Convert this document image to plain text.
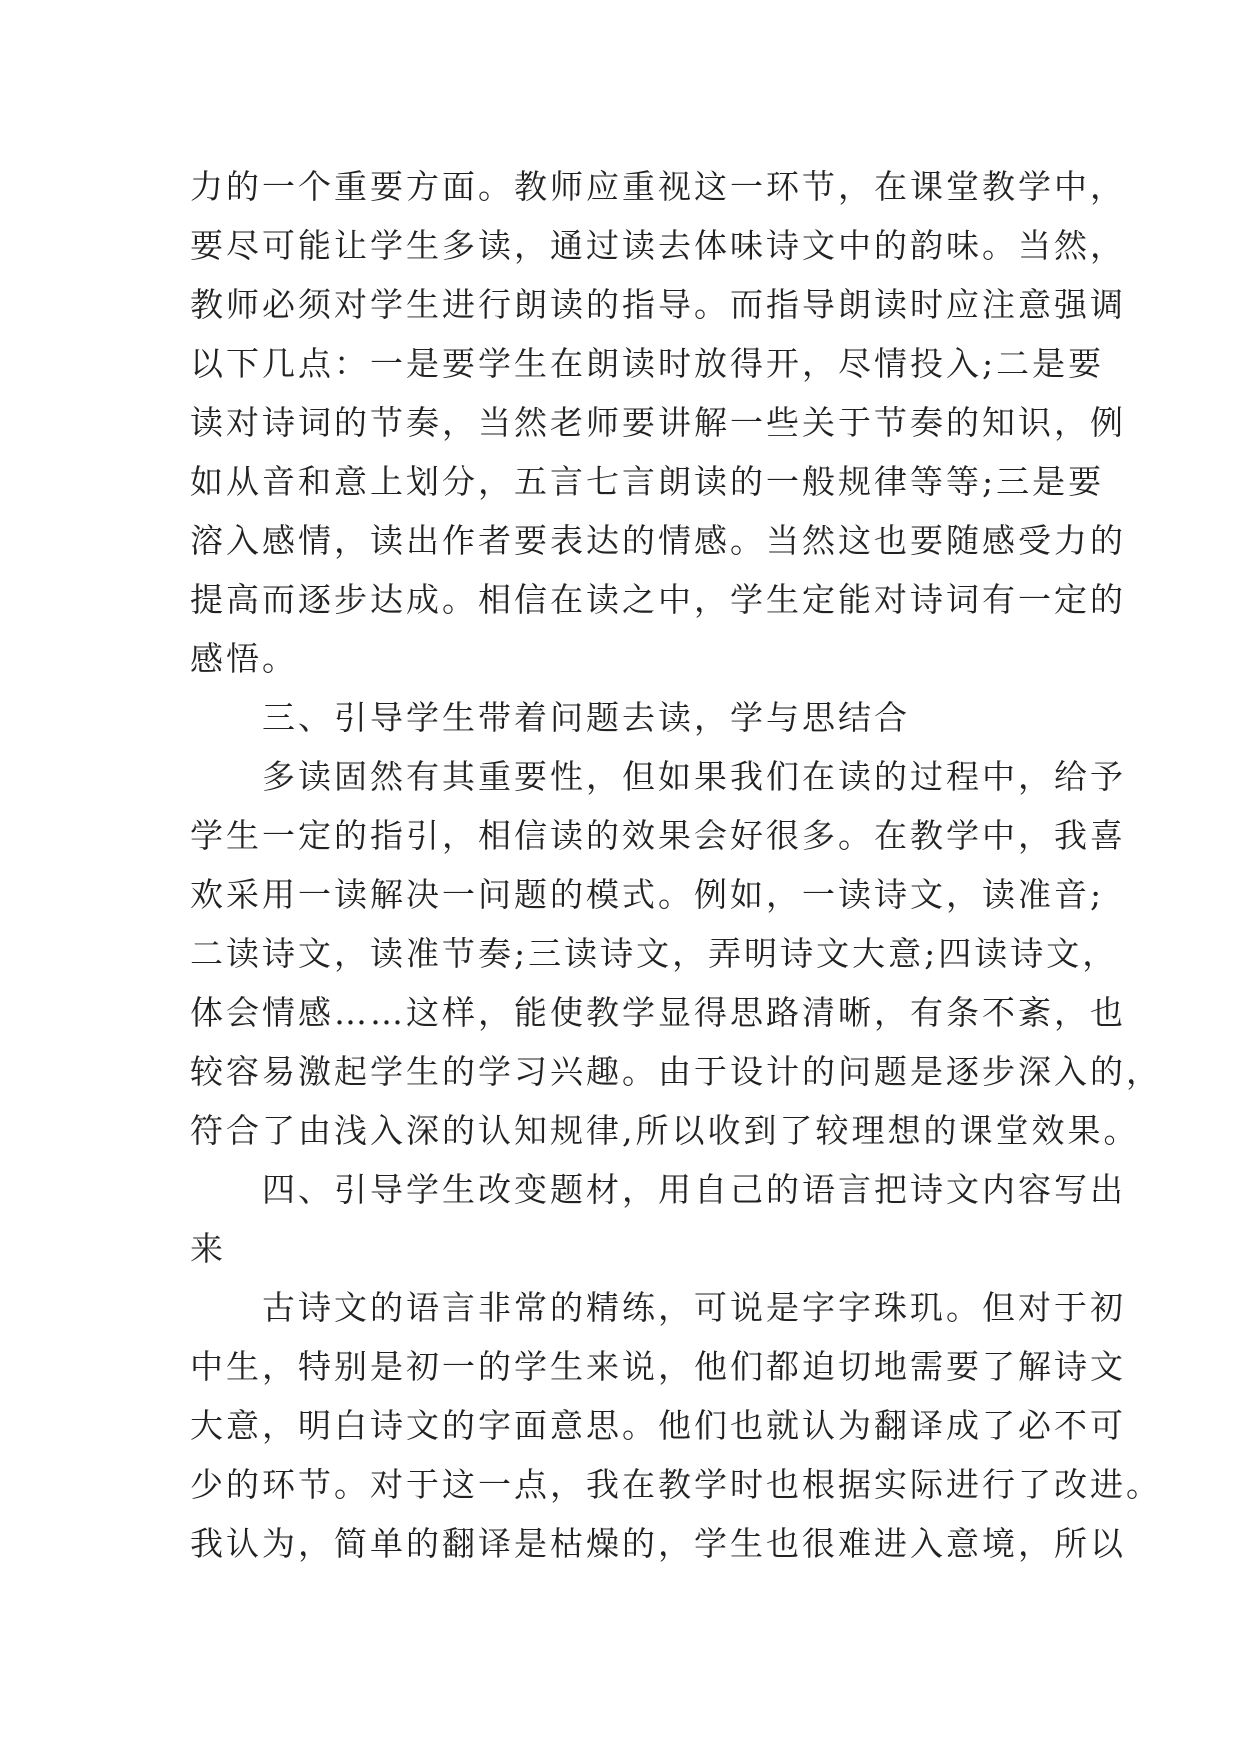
力的一个重要方面。教师应重视这一环节，在课堂教学中，
要尽可能让学生多读，通过读去体味诗文中的韵味。当然，
教师必须对学生进行朗读的指导。而指导朗读时应注意强调
以下几点：一是要学生在朗读时放得开，尽情投入;二是要
读对诗词的节奏，当然老师要讲解一些关于节奏的知识，例
如从音和意上划分，五言七言朗读的一般规律等等;三是要
溶入感情，读出作者要表达的情感。当然这也要随感受力的
提高而逐步达成。相信在读之中，学生定能对诗词有一定的
感悟。
　　三、引导学生带着问题去读，学与思结合
　　多读固然有其重要性，但如果我们在读的过程中，给予
学生一定的指引，相信读的效果会好很多。在教学中，我喜
欢采用一读解决一问题的模式。例如，一读诗文，读准音;
二读诗文，读准节奏;三读诗文，弄明诗文大意;四读诗文，
体会情感……这样，能使教学显得思路清晰，有条不紊，也
较容易激起学生的学习兴趣。由于设计的问题是逐步深入的，
符合了由浅入深的认知规律,所以收到了较理想的课堂效果。
　　四、引导学生改变题材，用自己的语言把诗文内容写出
来
　　古诗文的语言非常的精练，可说是字字珠玑。但对于初
中生，特别是初一的学生来说，他们都迫切地需要了解诗文
大意，明白诗文的字面意思。他们也就认为翻译成了必不可
少的环节。对于这一点，我在教学时也根据实际进行了改进。
我认为，简单的翻译是枯燥的，学生也很难进入意境，所以
